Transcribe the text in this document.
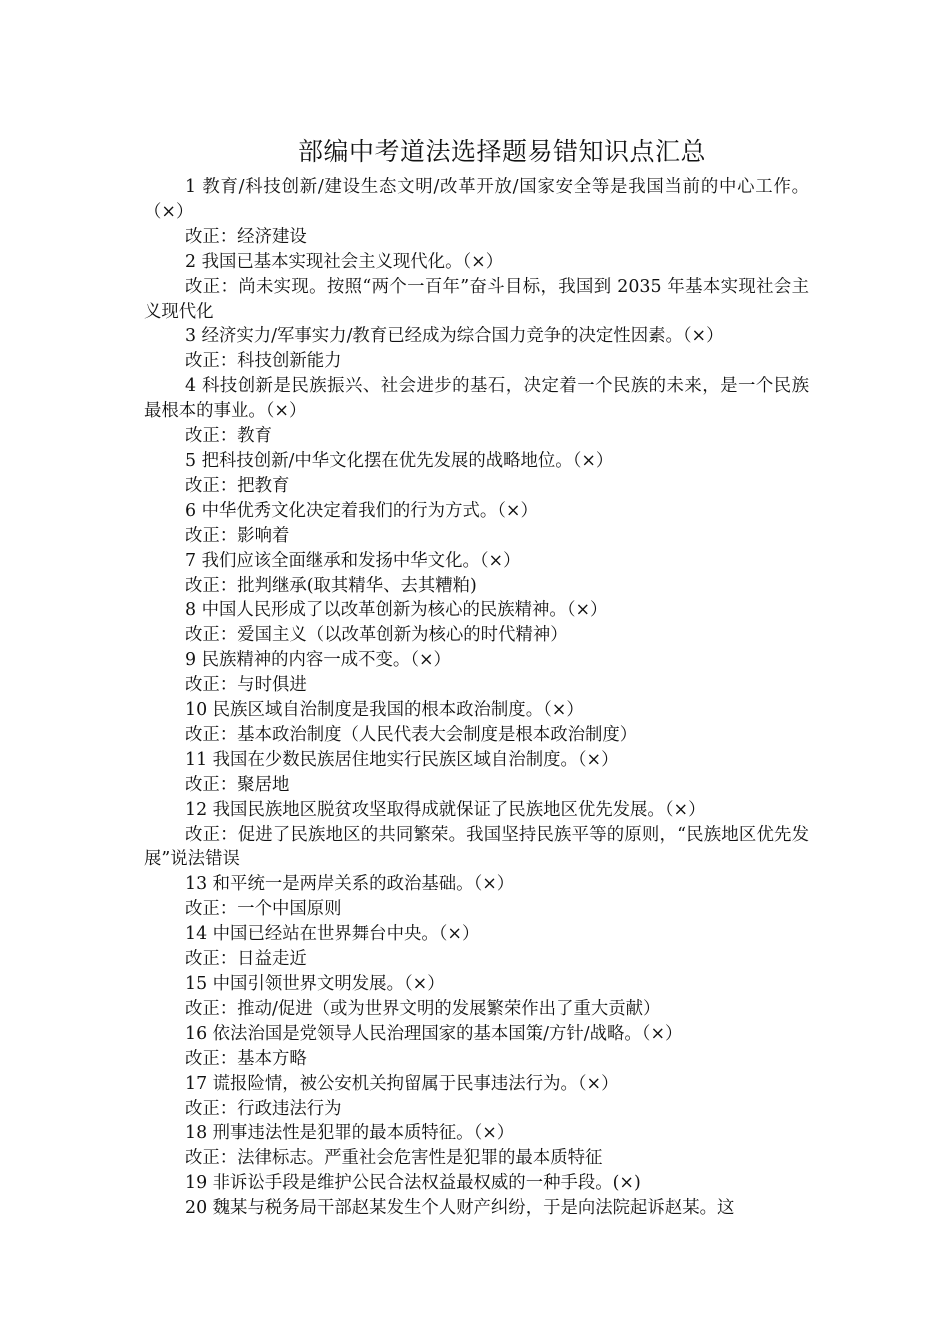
部编中考道法选择题易错知识点汇总

1 教育/科技创新/建设生态文明/改革开放/国家安全等是我国当前的中心工作。（×）

改正：经济建设

2 我国已基本实现社会主义现代化。（×）

改正：尚未实现。按照“两个一百年”奋斗目标，我国到 2035 年基本实现社会主义现代化

3 经济实力/军事实力/教育已经成为综合国力竞争的决定性因素。（×）

改正：科技创新能力

4 科技创新是民族振兴、社会进步的基石，决定着一个民族的未来，是一个民族最根本的事业。（×）

改正：教育

5 把科技创新/中华文化摆在优先发展的战略地位。（×）

改正：把教育

6 中华优秀文化决定着我们的行为方式。（×）

改正：影响着

7 我们应该全面继承和发扬中华文化。（×）

改正：批判继承(取其精华、去其糟粕)

8 中国人民形成了以改革创新为核心的民族精神。（×）

改正：爱国主义（以改革创新为核心的时代精神）

9 民族精神的内容一成不变。（×）

改正：与时俱进

10 民族区域自治制度是我国的根本政治制度。（×）

改正：基本政治制度（人民代表大会制度是根本政治制度）

11 我国在少数民族居住地实行民族区域自治制度。（×）

改正：聚居地

12 我国民族地区脱贫攻坚取得成就保证了民族地区优先发展。（×）

改正：促进了民族地区的共同繁荣。我国坚持民族平等的原则，“民族地区优先发展”说法错误

13 和平统一是两岸关系的政治基础。（×）

改正：一个中国原则

14 中国已经站在世界舞台中央。（×）

改正：日益走近

15 中国引领世界文明发展。（×）

改正：推动/促进（或为世界文明的发展繁荣作出了重大贡献）

16 依法治国是党领导人民治理国家的基本国策/方针/战略。（×）

改正：基本方略

17 谎报险情，被公安机关拘留属于民事违法行为。（×）

改正：行政违法行为

18 刑事违法性是犯罪的最本质特征。（×）

改正：法律标志。严重社会危害性是犯罪的最本质特征

19 非诉讼手段是维护公民合法权益最权威的一种手段。(×)

20 魏某与税务局干部赵某发生个人财产纠纷，于是向法院起诉赵某。这
